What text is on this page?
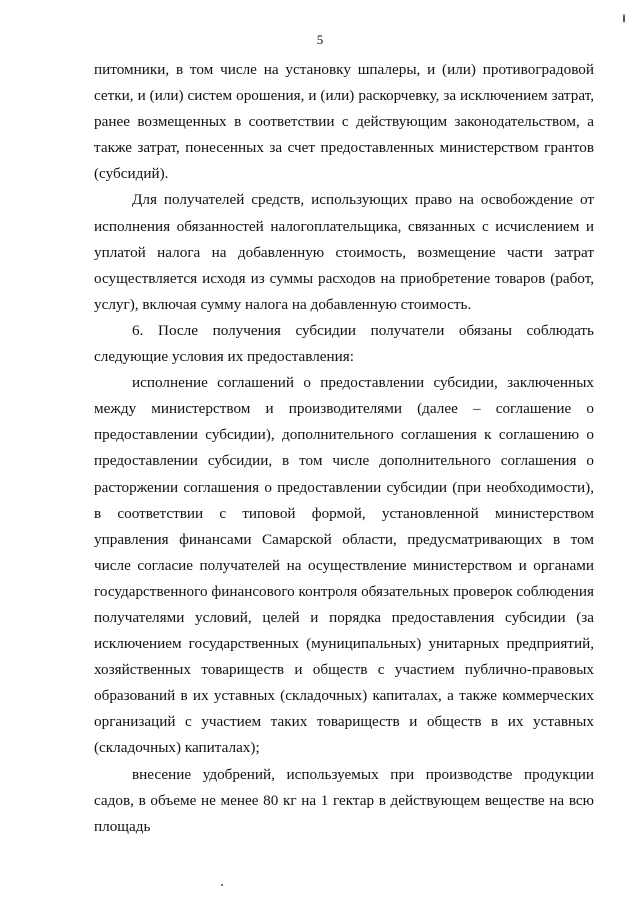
5

питомники, в том числе на установку шпалеры, и (или) противоградовой сетки, и (или) систем орошения, и (или) раскорчевку, за исключением затрат, ранее возмещенных в соответствии с действующим законодательством, а также затрат, понесенных за счет предоставленных министерством грантов (субсидий).

Для получателей средств, использующих право на освобождение от исполнения обязанностей налогоплательщика, связанных с исчислением и уплатой налога на добавленную стоимость, возмещение части затрат осуществляется исходя из суммы расходов на приобретение товаров (работ, услуг), включая сумму налога на добавленную стоимость.

6. После получения субсидии получатели обязаны соблюдать следующие условия их предоставления:

исполнение соглашений о предоставлении субсидии, заключенных между министерством и производителями (далее – соглашение о предоставлении субсидии), дополнительного соглашения к соглашению о предоставлении субсидии, в том числе дополнительного соглашения о расторжении соглашения о предоставлении субсидии (при необходимости), в соответствии с типовой формой, установленной министерством управления финансами Самарской области, предусматривающих в том числе согласие получателей на осуществление министерством и органами государственного финансового контроля обязательных проверок соблюдения получателями условий, целей и порядка предоставления субсидии (за исключением государственных (муниципальных) унитарных предприятий, хозяйственных товариществ и обществ с участием публично-правовых образований в их уставных (складочных) капиталах, а также коммерческих организаций с участием таких товариществ и обществ в их уставных (складочных) капиталах);

внесение удобрений, используемых при производстве продукции садов, в объеме не менее 80 кг на 1 гектар в действующем веществе на всю площадь
